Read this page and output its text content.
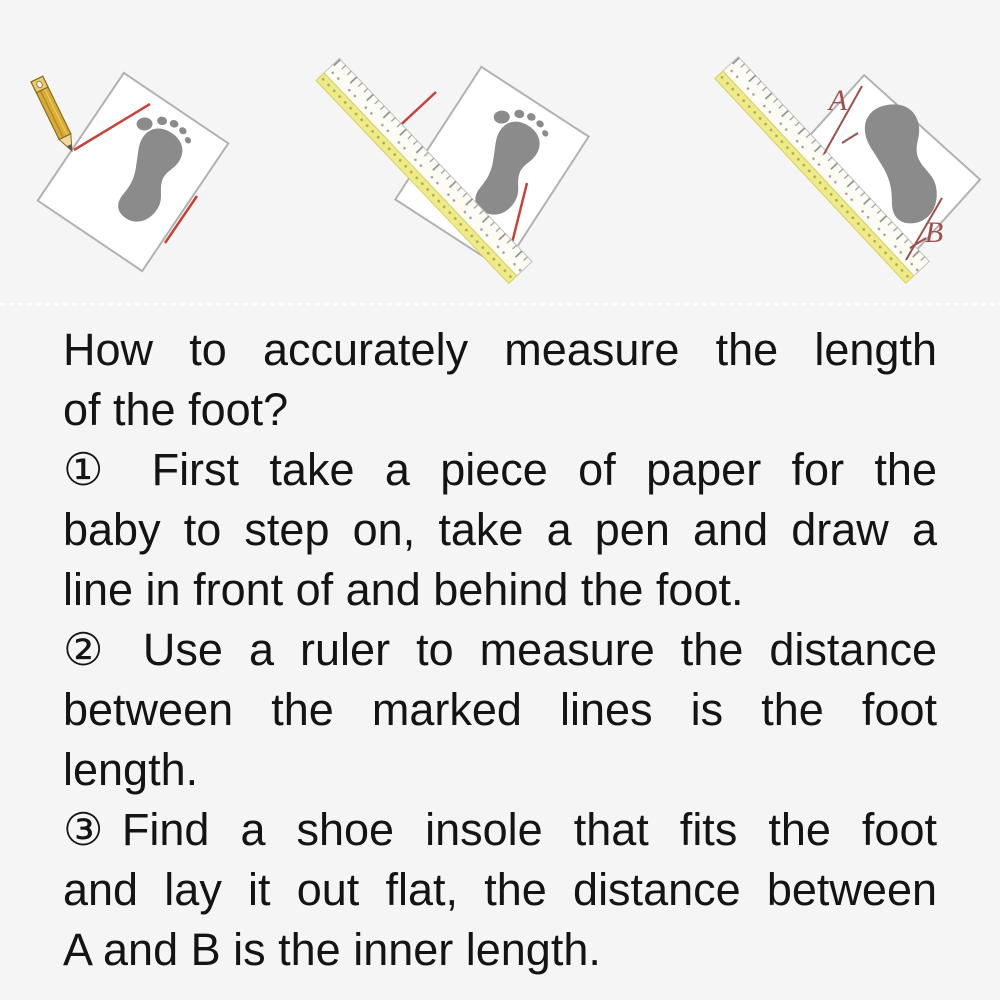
A
B
How to accurately measure the length
of the foot?
① First take a piece of paper for the
baby to step on, take a pen and draw a
line in front of and behind the foot.
② Use a ruler to measure the distance
between the marked lines is the foot
length.
③Find a shoe insole that fits the foot
and lay it out flat, the distance between
A and B is the inner length.
